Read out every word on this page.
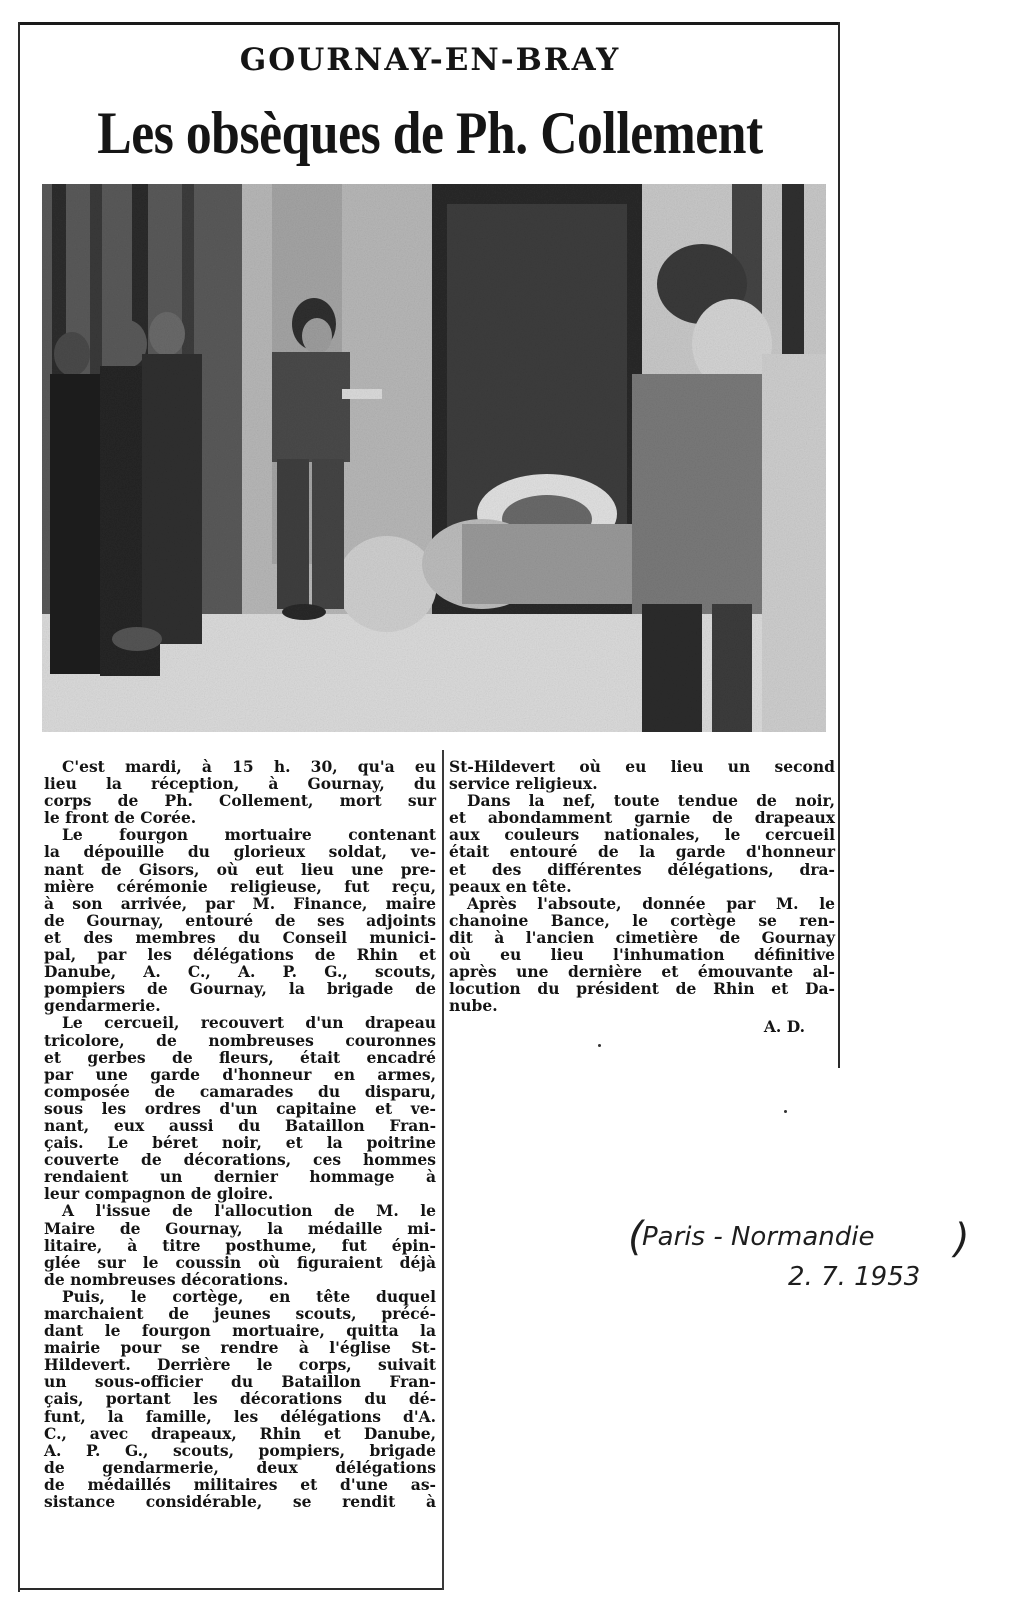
GOURNAY-EN-BRAY
Les obsèques de Ph. Collement
C'est mardi, à 15 h. 30, qu'a eu
lieu la réception, à Gournay, du
corps de Ph. Collement, mort sur
le front de Corée.
Le fourgon mortuaire contenant
la dépouille du glorieux soldat, ve-
nant de Gisors, où eut lieu une pre-
mière cérémonie religieuse, fut reçu,
à son arrivée, par M. Finance, maire
de Gournay, entouré de ses adjoints
et des membres du Conseil munici-
pal, par les délégations de Rhin et
Danube, A. C., A. P. G., scouts,
pompiers de Gournay, la brigade de
gendarmerie.
Le cercueil, recouvert d'un drapeau
tricolore, de nombreuses couronnes
et gerbes de fleurs, était encadré
par une garde d'honneur en armes,
composée de camarades du disparu,
sous les ordres d'un capitaine et ve-
nant, eux aussi du Bataillon Fran-
çais. Le béret noir, et la poitrine
couverte de décorations, ces hommes
rendaient un dernier hommage à
leur compagnon de gloire.
A l'issue de l'allocution de M. le
Maire de Gournay, la médaille mi-
litaire, à titre posthume, fut épin-
glée sur le coussin où figuraient déjà
de nombreuses décorations.
Puis, le cortège, en tête duquel
marchaient de jeunes scouts, précé-
dant le fourgon mortuaire, quitta la
mairie pour se rendre à l'église St-
Hildevert. Derrière le corps, suivait
un sous-officier du Bataillon Fran-
çais, portant les décorations du dé-
funt, la famille, les délégations d'A.
C., avec drapeaux, Rhin et Danube,
A. P. G., scouts, pompiers, brigade
de gendarmerie, deux délégations
de médaillés militaires et d'une as-
sistance considérable, se rendit à
St-Hildevert où eu lieu un second
service religieux.
Dans la nef, toute tendue de noir,
et abondamment garnie de drapeaux
aux couleurs nationales, le cercueil
était entouré de la garde d'honneur
et des différentes délégations, dra-
peaux en tête.
Après l'absoute, donnée par M. le
chanoine Bance, le cortège se ren-
dit à l'ancien cimetière de Gournay
où eu lieu l'inhumation définitive
après une dernière et émouvante al-
locution du président de Rhin et Da-
nube.
A. D.
(
Paris - Normandie
2. 7. 1953
)
